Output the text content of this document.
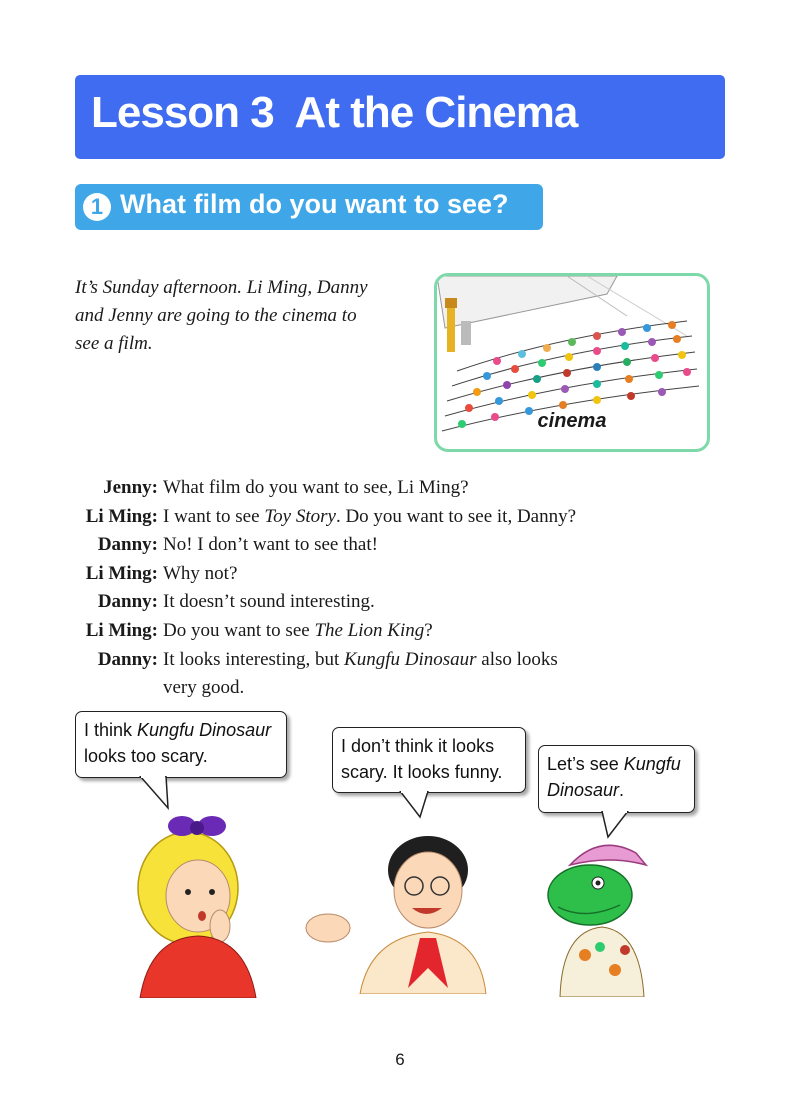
Lesson 3  At the Cinema
1 What film do you want to see?
It’s Sunday afternoon. Li Ming, Danny and Jenny are going to the cinema to see a film.
cinema
Jenny: What film do you want to see, Li Ming?
Li Ming: I want to see Toy Story. Do you want to see it, Danny?
Danny: No! I don’t want to see that!
Li Ming: Why not?
Danny: It doesn’t sound interesting.
Li Ming: Do you want to see The Lion King?
Danny: It looks interesting, but Kungfu Dinosaur also looks
very good.
I think Kungfu Dinosaur
looks too scary.	I don’t think it looks
scary. It looks funny.	Let’s see Kungfu
Dinosaur.
6
